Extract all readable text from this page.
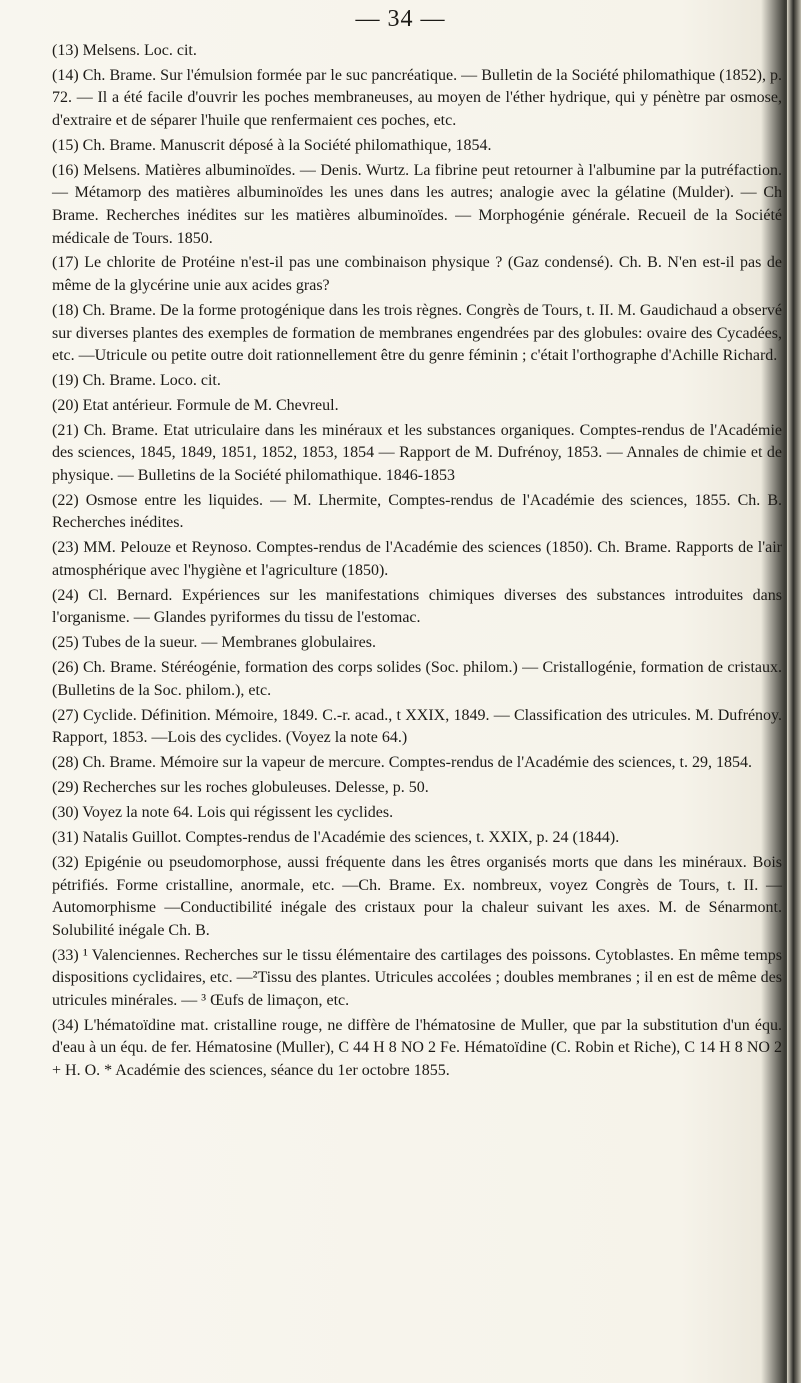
— 34 —

(13) Melsens. Loc. cit.

(14) Ch. Brame. Sur l'émulsion formée par le suc pancréatique. — Bulletin de la Société philomathique (1852), p. 72. — Il a été facile d'ouvrir les poches membraneuses, au moyen de l'éther hydrique, qui y pénètre par osmose, d'extraire et de séparer l'huile que renfermaient ces poches, etc.

(15) Ch. Brame. Manuscrit déposé à la Société philomathique, 1854.

(16) Melsens. Matières albuminoïdes. — Denis. Wurtz. La fibrine peut retourner à l'albumine par la putréfaction. — Métamorp des matières albuminoïdes les unes dans les autres; analogie avec la gélatine (Mulder). — Ch Brame. Recherches inédites sur les matières albuminoïdes. — Morphogénie générale. Recueil de la Société médicale de Tours. 1850.

(17) Le chlorite de Protéine n'est-il pas une combinaison physique ? (Gaz condensé). Ch. B. N'en est-il pas de même de la glycérine unie aux acides gras?

(18) Ch. Brame. De la forme protogénique dans les trois règnes. Congrès de Tours, t. II. M. Gaudichaud a observé sur diverses plantes des exemples de formation de membranes engendrées par des globules: ovaire des Cycadées, etc. —Utricule ou petite outre doit rationnellement être du genre féminin ; c'était l'orthographe d'Achille Richard.

(19) Ch. Brame. Loco. cit.

(20) Etat antérieur. Formule de M. Chevreul.

(21) Ch. Brame. Etat utriculaire dans les minéraux et les substances organiques. Comptes-rendus de l'Académie des sciences, 1845, 1849, 1851, 1852, 1853, 1854 — Rapport de M. Dufrénoy, 1853. — Annales de chimie et de physique. — Bulletins de la Société philomathique. 1846-1853

(22) Osmose entre les liquides. — M. Lhermite, Comptes-rendus de l'Académie des sciences, 1855. Ch. B. Recherches inédites.

(23) MM. Pelouze et Reynoso. Comptes-rendus de l'Académie des sciences (1850). Ch. Brame. Rapports de l'air atmosphérique avec l'hygiène et l'agriculture (1850).

(24) Cl. Bernard. Expériences sur les manifestations chimiques diverses des substances introduites dans l'organisme. — Glandes pyriformes du tissu de l'estomac.

(25) Tubes de la sueur. — Membranes globulaires.

(26) Ch. Brame. Stéréogénie, formation des corps solides (Soc. philom.) — Cristallogénie, formation de cristaux. (Bulletins de la Soc. philom.), etc.

(27) Cyclide. Définition. Mémoire, 1849. C.-r. acad., t XXIX, 1849. — Classification des utricules. M. Dufrénoy. Rapport, 1853. —Lois des cyclides. (Voyez la note 64.)

(28) Ch. Brame. Mémoire sur la vapeur de mercure. Comptes-rendus de l'Académie des sciences, t. 29, 1854.

(29) Recherches sur les roches globuleuses. Delesse, p. 50.

(30) Voyez la note 64. Lois qui régissent les cyclides.

(31) Natalis Guillot. Comptes-rendus de l'Académie des sciences, t. XXIX, p. 24 (1844).

(32) Epigénie ou pseudomorphose, aussi fréquente dans les êtres organisés morts que dans les minéraux. Bois pétrifiés. Forme cristalline, anormale, etc. —Ch. Brame. Ex. nombreux, voyez Congrès de Tours, t. II. — Automorphisme —Conductibilité inégale des cristaux pour la chaleur suivant les axes. M. de Sénarmont. Solubilité inégale Ch. B.

(33) ¹ Valenciennes. Recherches sur le tissu élémentaire des cartilages des poissons. Cytoblastes. En même temps dispositions cyclidaires, etc. —²Tissu des plantes. Utricules accolées ; doubles membranes ; il en est de même des utricules minérales. — ³ Œufs de limaçon, etc.

(34) L'hématoïdine mat. cristalline rouge, ne diffère de l'hématosine de Muller, que par la substitution d'un équ. d'eau à un équ. de fer. Hématosine (Muller), C 44 H 8 NO 2 Fe. Hématoïdine (C. Robin et Riche), C 14 H 8 NO 2 + H. O. * Académie des sciences, séance du 1er octobre 1855.
